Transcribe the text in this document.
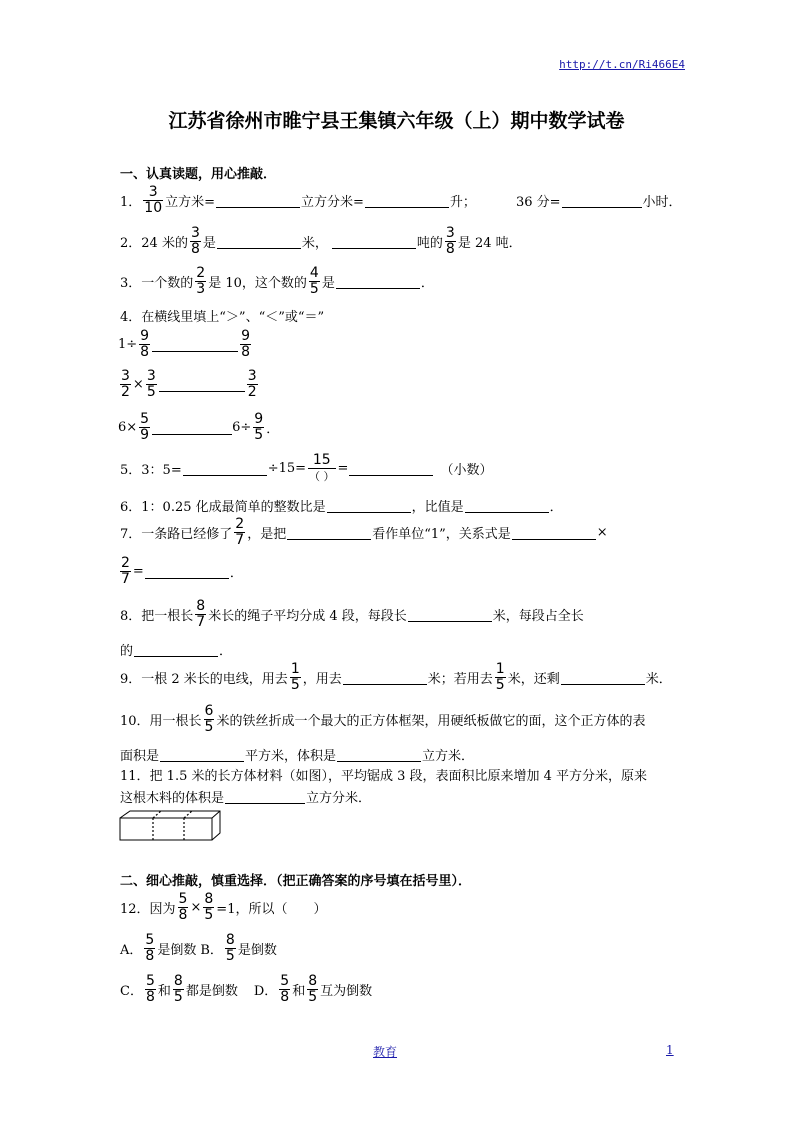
http://t.cn/Ri466E4
江苏省徐州市睢宁县王集镇六年级（上）期中数学试卷
一、认真读题，用心推敲．
1．
3
10 立方米=	立方分米=	升；	36 分=	小时．
2．24 米的
3
8 是	米，	吨的
3
8 是 24 吨．
3．一个数的
2
3 是 10，这个数的
4
5 是	．
4．在横线里填上“＞”、“＜”或“＝”
1÷
9
8
9
8
3
2 ×
3
5
3
2
6×
5
9	6÷
9
5 ．
5．3：5=	÷15=
15
（ ）
=	（小数）
6．1：0.25 化成最简单的整数比是	，比值是	．
7．一条路已经修了
2
7 ，是把	看作单位“1”，关系式是	×
2
7 =	．
8．把一根长
8
7 米长的绳子平均分成 4 段，每段长	米，每段占全长
的	．
9．一根 2 米长的电线，用去
1
5 ，用去	米；若用去
1
5 米，还剩	米．
10．用一根长
6
5 米的铁丝折成一个最大的正方体框架，用硬纸板做它的面，这个正方体的表
面积是	平方米，体积是	立方米．
11．把 1.5 米的长方体材料（如图），平均锯成 3 段，表面积比原来增加 4 平方分米，原来
这根木料的体积是	立方分米．
二、细心推敲，慎重选择．（把正确答案的序号填在括号里）．
12．因为
5
8 ×
8
5 =1，所以（　　）
A．
5
8 是倒数 B．
8
5 是倒数
C．
5
8 和
8
5 都是倒数 D．
5
8 和
8
5 互为倒数
教育	1
